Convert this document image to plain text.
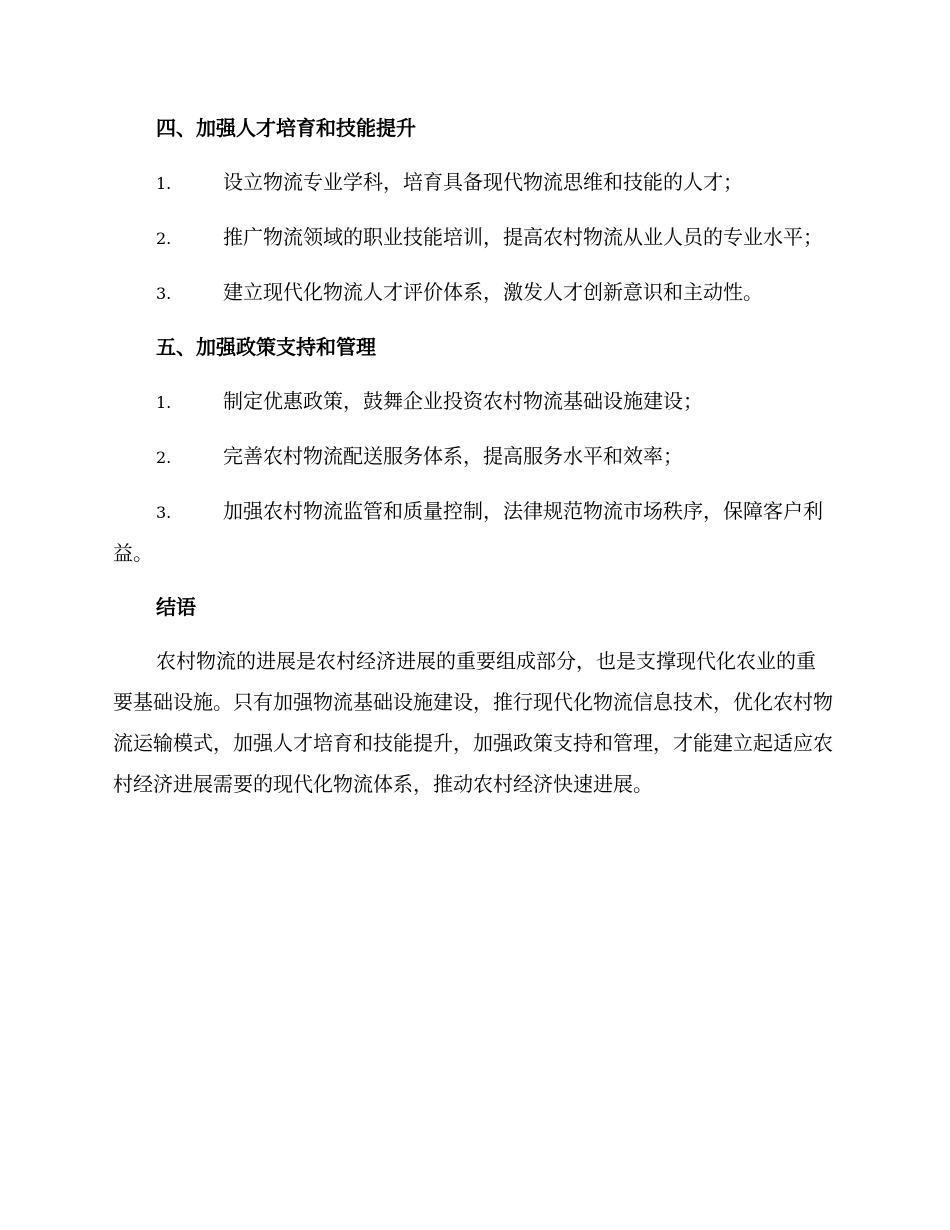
四、加强人才培育和技能提升

1.	设立物流专业学科，培育具备现代物流思维和技能的人才；

2.	推广物流领域的职业技能培训，提高农村物流从业人员的专业水平；

3.	建立现代化物流人才评价体系，激发人才创新意识和主动性。

五、加强政策支持和管理

1.	制定优惠政策，鼓舞企业投资农村物流基础设施建设；

2.	完善农村物流配送服务体系，提高服务水平和效率；

3.	加强农村物流监管和质量控制，法律规范物流市场秩序，保障客户利益。

结语

农村物流的进展是农村经济进展的重要组成部分，也是支撑现代化农业的重要基础设施。只有加强物流基础设施建设，推行现代化物流信息技术，优化农村物流运输模式，加强人才培育和技能提升，加强政策支持和管理，才能建立起适应农村经济进展需要的现代化物流体系，推动农村经济快速进展。
